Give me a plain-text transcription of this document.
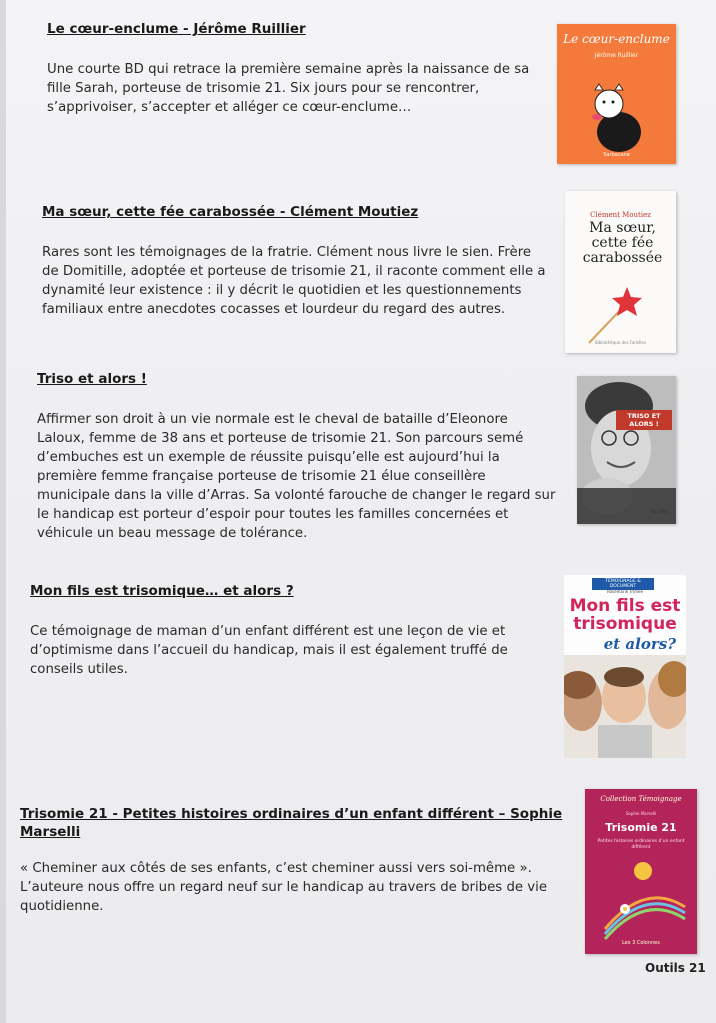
Le cœur-enclume - Jérôme Ruillier

Une courte BD qui retrace la première semaine après la naissance de sa fille Sarah, porteuse de trisomie 21. Six jours pour se rencontrer, s’apprivoiser, s’accepter et alléger ce cœur-enclume…

Le cœur-enclume
Jérôme Ruillier
Sarbacane

Ma sœur, cette fée carabossée - Clément Moutiez

Rares sont les témoignages de la fratrie. Clément nous livre le sien. Frère de Domitille, adoptée et porteuse de trisomie 21, il raconte comment elle a dynamité leur existence : il y décrit le quotidien et les questionnements familiaux entre anecdotes cocasses et lourdeur du regard des autres.

Clément Moutiez
Ma sœur, cette fée carabossée
Bibliothèque des Familles

Triso et alors !

Affirmer son droit à un vie normale est le cheval de bataille d’Eleonore Laloux, femme de 38 ans et porteuse de trisomie 21. Son parcours semé d’embuches est un exemple de réussite puisqu’elle est aujourd’hui la première femme française porteuse de trisomie 21 élue conseillère municipale dans la ville d’Arras. Sa volonté farouche de changer le regard sur le handicap est porteur d’espoir pour toutes les familles concernées et véhicule un beau message de tolérance.

TRISO ET ALORS !
Max Milo

Mon fils est trisomique… et alors ?

Ce témoignage de maman d’un enfant différent est une leçon de vie et d’optimisme dans l’accueil du handicap, mais il est également truffé de conseils utiles.

TÉMOIGNAGE & DOCUMENT
Rosemarie Trimeé
Mon fils est trisomique
et alors?

Trisomie 21 - Petites histoires ordinaires d’un enfant différent – Sophie Marselli

« Cheminer aux côtés de ses enfants, c’est cheminer aussi vers soi-même ». L’auteure nous offre un regard neuf sur le handicap au travers de bribes de vie quotidienne.

Collection Témoignage
Sophie Marselli
Trisomie 21
Petites histoires ordinaires d’un enfant différent
Les 3 Colonnes
Outils 21
